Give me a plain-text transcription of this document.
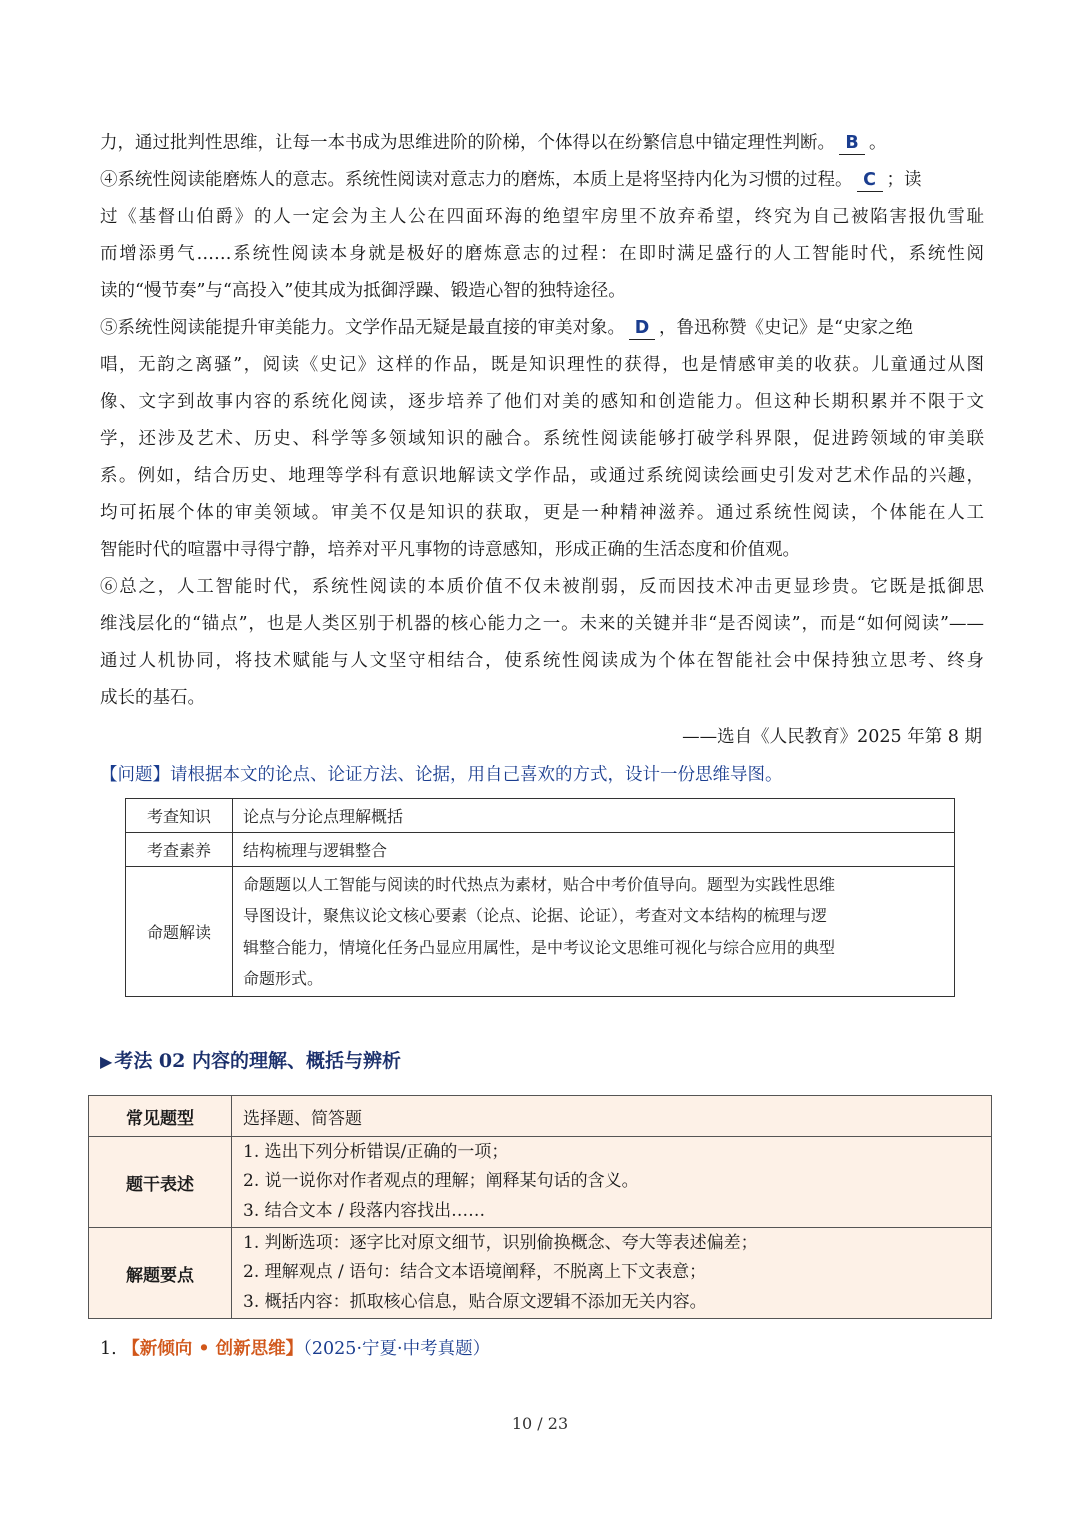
力，通过批判性思维，让每一本书成为思维进阶的阶梯，个体得以在纷繁信息中锚定理性判断。 B 。
④系统性阅读能磨炼人的意志。系统性阅读对意志力的磨炼，本质上是将坚持内化为习惯的过程。 C ；读
过《基督山伯爵》的人一定会为主人公在四面环海的绝望牢房里不放弃希望，终究为自己被陷害报仇雪耻
而增添勇气……系统性阅读本身就是极好的磨炼意志的过程：在即时满足盛行的人工智能时代，系统性阅
读的“慢节奏”与“高投入”使其成为抵御浮躁、锻造心智的独特途径。
⑤系统性阅读能提升审美能力。文学作品无疑是最直接的审美对象。 D ，鲁迅称赞《史记》是“史家之绝
唱，无韵之离骚”，阅读《史记》这样的作品，既是知识理性的获得，也是情感审美的收获。儿童通过从图
像、文字到故事内容的系统化阅读，逐步培养了他们对美的感知和创造能力。但这种长期积累并不限于文
学，还涉及艺术、历史、科学等多领域知识的融合。系统性阅读能够打破学科界限，促进跨领域的审美联
系。例如，结合历史、地理等学科有意识地解读文学作品，或通过系统阅读绘画史引发对艺术作品的兴趣，
均可拓展个体的审美领域。审美不仅是知识的获取，更是一种精神滋养。通过系统性阅读，个体能在人工
智能时代的喧嚣中寻得宁静，培养对平凡事物的诗意感知，形成正确的生活态度和价值观。
⑥总之，人工智能时代，系统性阅读的本质价值不仅未被削弱，反而因技术冲击更显珍贵。它既是抵御思
维浅层化的“锚点”，也是人类区别于机器的核心能力之一。未来的关键并非“是否阅读”，而是“如何阅读”——
通过人机协同，将技术赋能与人文坚守相结合，使系统性阅读成为个体在智能社会中保持独立思考、终身
成长的基石。
——选自《人民教育》2025 年第 8 期
【问题】请根据本文的论点、论证方法、论据，用自己喜欢的方式，设计一份思维导图。
考查知识	论点与分论点理解概括
考查素养	结构梳理与逻辑整合
命题解读	命题题以人工智能与阅读的时代热点为素材，贴合中考价值导向。题型为实践性思维
导图设计，聚焦议论文核心要素（论点、论据、论证），考查对文本结构的梳理与逻
辑整合能力，情境化任务凸显应用属性，是中考议论文思维可视化与综合应用的典型
命题形式。
▶ 考法 02 内容的理解、概括与辨析
常见题型	选择题、简答题
题干表述	1. 选出下列分析错误/正确的一项；
2. 说一说你对作者观点的理解；阐释某句话的含义。
3. 结合文本 / 段落内容找出……

解题要点	1. 判断选项：逐字比对原文细节，识别偷换概念、夸大等表述偏差；
2. 理解观点 / 语句：结合文本语境阐释，不脱离上下文表意；
3. 概括内容：抓取核心信息，贴合原文逻辑不添加无关内容。
1. 【新倾向 • 创新思维】（2025·宁夏·中考真题）
10 / 23
